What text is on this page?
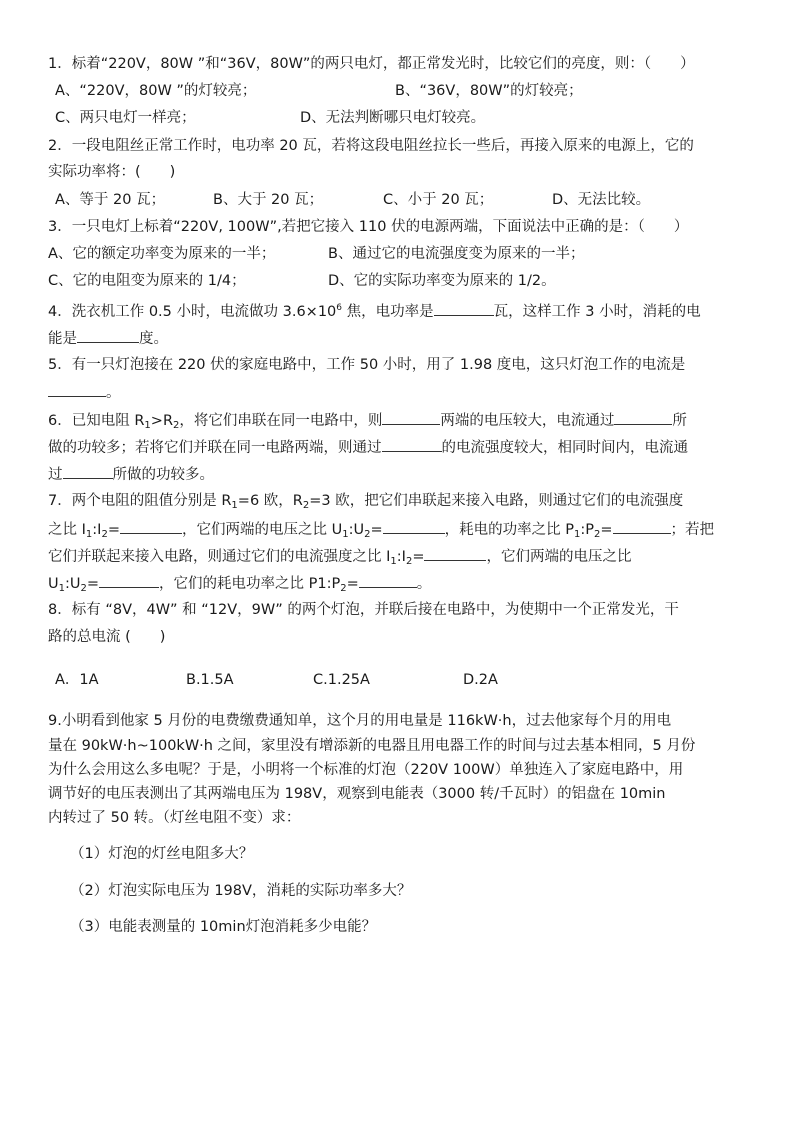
1．标着“220V，80W ”和“36V，80W”的两只电灯，都正常发光时，比较它们的亮度，则：（　　）
A、“220V，80W ”的灯较亮；	B、“36V，80W”的灯较亮；
C、两只电灯一样亮；	D、无法判断哪只电灯较亮。
2．一段电阻丝正常工作时，电功率 20 瓦，若将这段电阻丝拉长一些后，再接入原来的电源上，它的
实际功率将：(　　)
A、等于 20 瓦；	B、大于 20 瓦；	C、小于 20 瓦；	D、无法比较。
3．一只电灯上标着“220V, 100W”,若把它接入 110 伏的电源两端，下面说法中正确的是：（　　）
A、它的额定功率变为原来的一半；	B、通过它的电流强度变为原来的一半；
C、它的电阻变为原来的 1/4；	D、它的实际功率变为原来的 1/2。
4．洗衣机工作 0.5 小时，电流做功 $3.6\times 10^6$ 焦，电功率是	瓦，这样工作 3 小时，消耗的电
能是	度。
5．有一只灯泡接在 220 伏的家庭电路中，工作 50 小时，用了 1.98 度电，这只灯泡工作的电流是
。
6．已知电阻 $R_1>R_2$，将它们串联在同一电路中，则	两端的电压较大，电流通过	所
做的功较多；若将它们并联在同一电路两端，则通过	的电流强度较大，相同时间内，电流通
过	所做的功较多。
7．两个电阻的阻值分别是 $R_1=6$ 欧，$R_2=3$ 欧，把它们串联起来接入电路，则通过它们的电流强度
之比 $I_1:I_2=$	，它们两端的电压之比 $U_1:U_2=$	，耗电的功率之比 $P_1:P_2=$	；若把
它们并联起来接入电路，则通过它们的电流强度之比 $I_1:I_2=$	，它们两端的电压之比
$U_1:U_2=$	，它们的耗电功率之比 $P1:P_2=$	。
8．标有 “8V，4W” 和 “12V，9W” 的两个灯泡，并联后接在电路中，为使期中一个正常发光，干
路的总电流 (　　)
A．1A	B.1.5A	C.1.25A	D.2A
9.小明看到他家 5 月份的电费缴费通知单，这个月的用电量是 116kW·h，过去他家每个月的用电
量在 90kW·h~100kW·h 之间，家里没有增添新的电器且用电器工作的时间与过去基本相同，5 月份
为什么会用这么多电呢？于是，小明将一个标准的灯泡（220V 100W）单独连入了家庭电路中，用
调节好的电压表测出了其两端电压为 198V，观察到电能表（3000 转/千瓦时）的铝盘在 10min
内转过了 50 转。（灯丝电阻不变）求：
（1）灯泡的灯丝电阻多大？
（2）灯泡实际电压为 198V，消耗的实际功率多大？
（3）电能表测量的 10min灯泡消耗多少电能？
